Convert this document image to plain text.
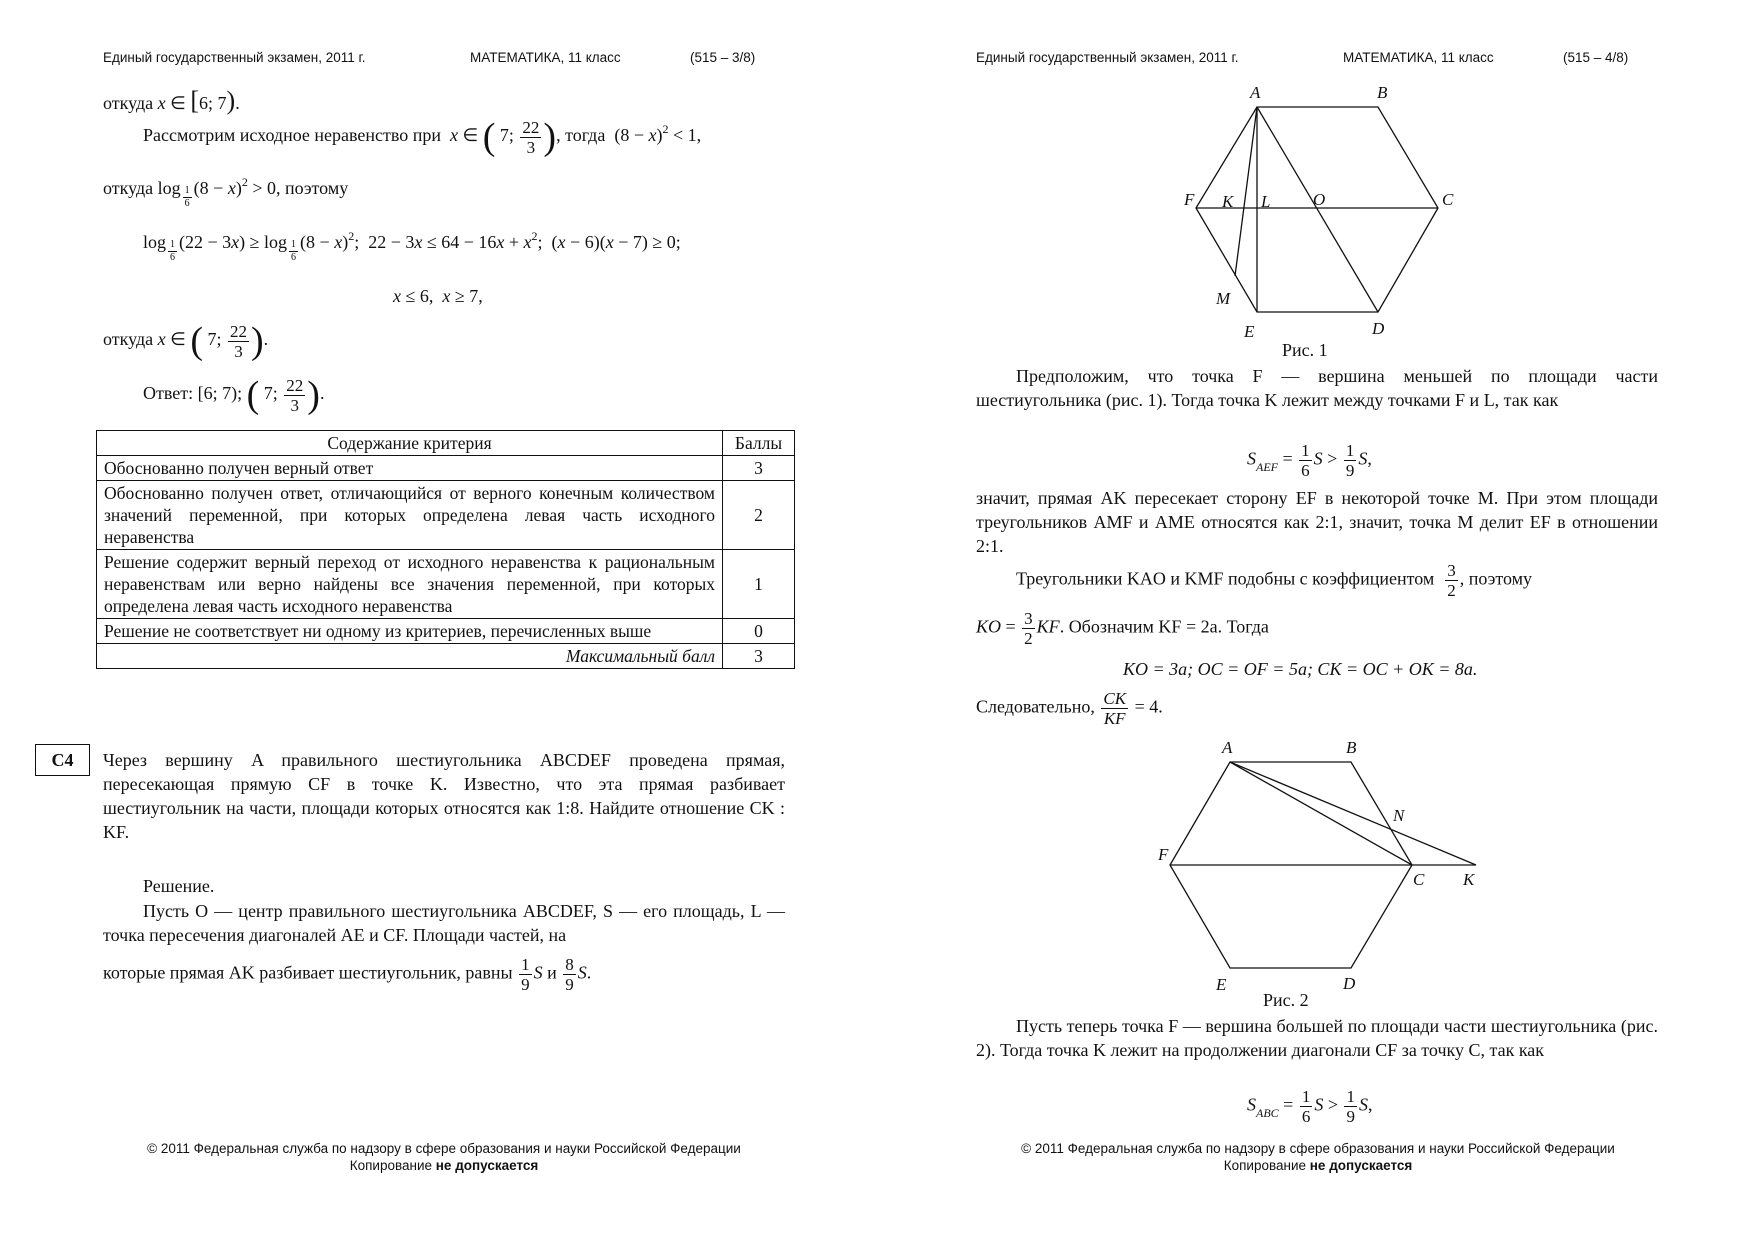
Единый государственный экзамен, 2011 г.	МАТЕМАТИКА, 11 класс	(515 – 3/8)
откуда x ∈ [6; 7).
Рассмотрим исходное неравенство при x ∈ ( 7; $\frac{22}{3}$ ), тогда  $(8 - x)^2 < 1$,
откуда log $_{\frac{1}{6}}$ $(8 - x)^2 > 0$, поэтому
log $_{\frac{1}{6}}$ (22 − 3x) ≥ log $_{\frac{1}{6}}$ $(8 - x)^2$;  $22 - 3x \le 64 - 16x + x^2$;  (x − 6)(x − 7) ≥ 0;
x ≤ 6,  x ≥ 7,
откуда x ∈ ( 7; $\frac{22}{3}$ ).
Ответ: [6; 7); ( 7; $\frac{22}{3}$ ).
Содержание критерия	Баллы
Обоснованно получен верный ответ	3
Обоснованно получен ответ, отличающийся от верного конечным количеством значений переменной, при которых определена левая часть исходного неравенства	2
Решение содержит верный переход от исходного неравенства к рациональным неравенствам или верно найдены все значения переменной, при которых определена левая часть исходного неравенства	1
Решение не соответствует ни одному из критериев, перечисленных выше	0
Максимальный балл	3
C4	Через вершину A правильного шестиугольника ABCDEF проведена прямая, пересекающая прямую CF в точке K. Известно, что эта прямая разбивает шестиугольник на части, площади которых относятся как 1:8. Найдите отношение CK : KF.
Решение.
Пусть O — центр правильного шестиугольника ABCDEF, S — его площадь, L — точка пересечения диагоналей AE и CF. Площади частей, на
которые прямая AK разбивает шестиугольник, равны $\frac{1}{9}$ S и $\frac{8}{9} S$.
© 2011 Федеральная служба по надзору в сфере образования и науки Российской Федерации
Копирование не допускается
Единый государственный экзамен, 2011 г.	МАТЕМАТИКА, 11 класс	(515 – 4/8)
A	B
C
D
E
F K L	O
M
Рис. 1
Предположим, что точка F — вершина меньшей по площади части шестиугольника (рис. 1). Тогда точка K лежит между точками F и L, так как
$S_{AEF} = \frac{1}{6}$ $S > \frac{1}{9} S$,
значит, прямая AK пересекает сторону EF в некоторой точке M. При этом площади треугольников AMF и AME относятся как 2:1, значит, точка M делит EF в отношении 2:1.
Треугольники KAO и KMF подобны с коэффициентом $\frac{3}{2}$ , поэтому
KO = $\frac{3}{2}$ KF. Обозначим KF = 2a. Тогда
KO = 3a; OC = OF = 5a; CK = OC + OK = 8a.
Следовательно, $\frac{CK}{KF} = 4$.
A	B
C
D
E
F
K
N
Рис. 2
Пусть теперь точка F — вершина большей по площади части шестиугольника (рис. 2). Тогда точка K лежит на продолжении диагонали CF за точку C, так как
$S_{ABC} = \frac{1}{6}$ $S > \frac{1}{9} S$,
© 2011 Федеральная служба по надзору в сфере образования и науки Российской Федерации
Копирование не допускается
